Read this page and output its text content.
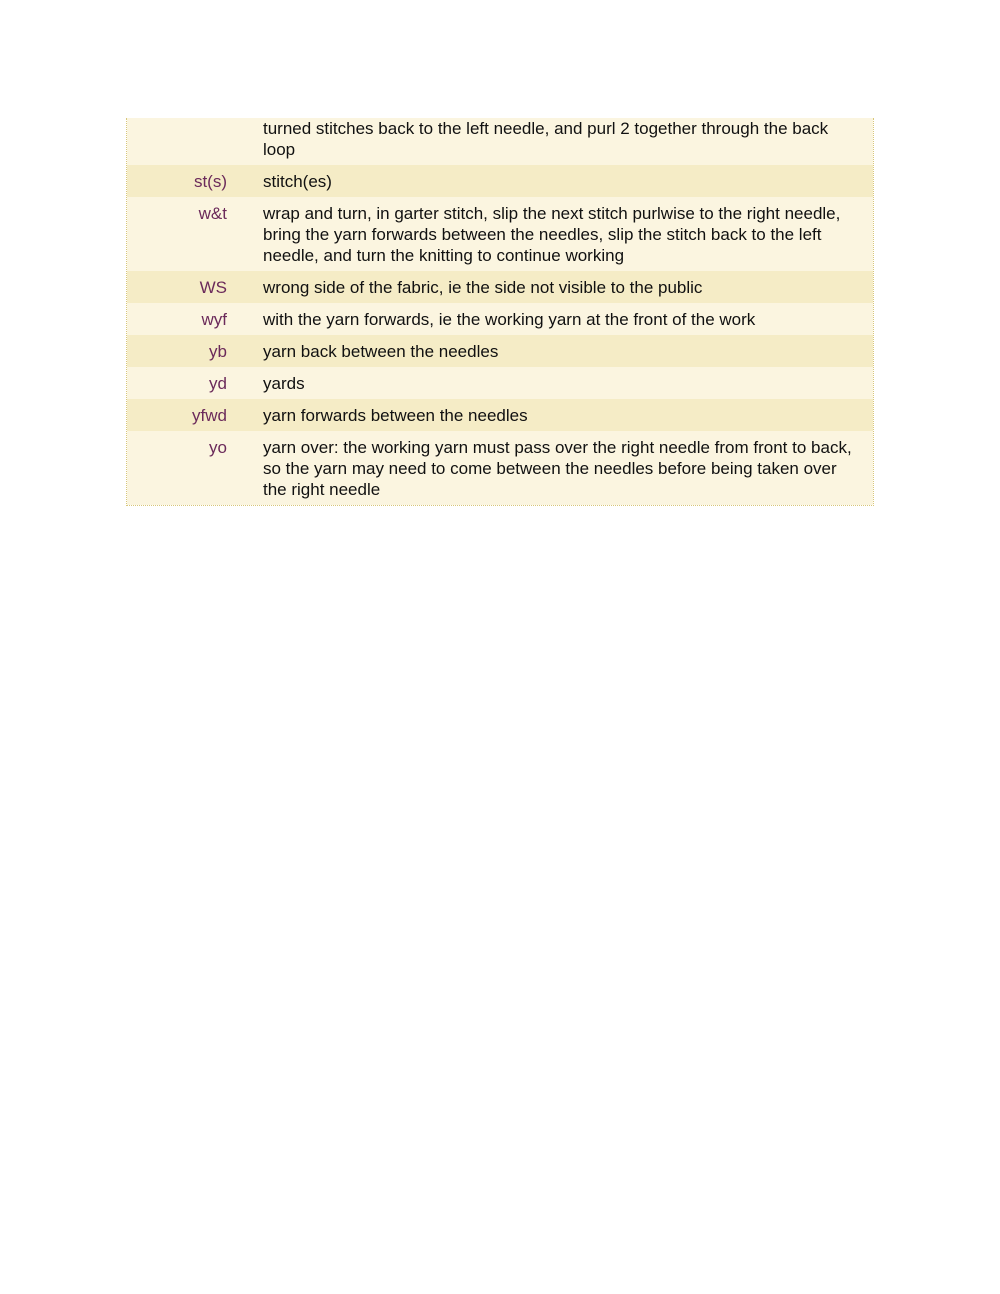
turned stitches back to the left needle, and purl 2 together through the back loop
st(s) stitch(es)
w&t wrap and turn, in garter stitch, slip the next stitch purlwise to the right needle, bring the yarn forwards between the needles, slip the stitch back to the left needle, and turn the knitting to continue working
WS wrong side of the fabric, ie the side not visible to the public
wyf with the yarn forwards, ie the working yarn at the front of the work
yb yarn back between the needles
yd yards
yfwd yarn forwards between the needles
yo yarn over: the working yarn must pass over the right needle from front to back, so the yarn may need to come between the needles before being taken over the right needle
